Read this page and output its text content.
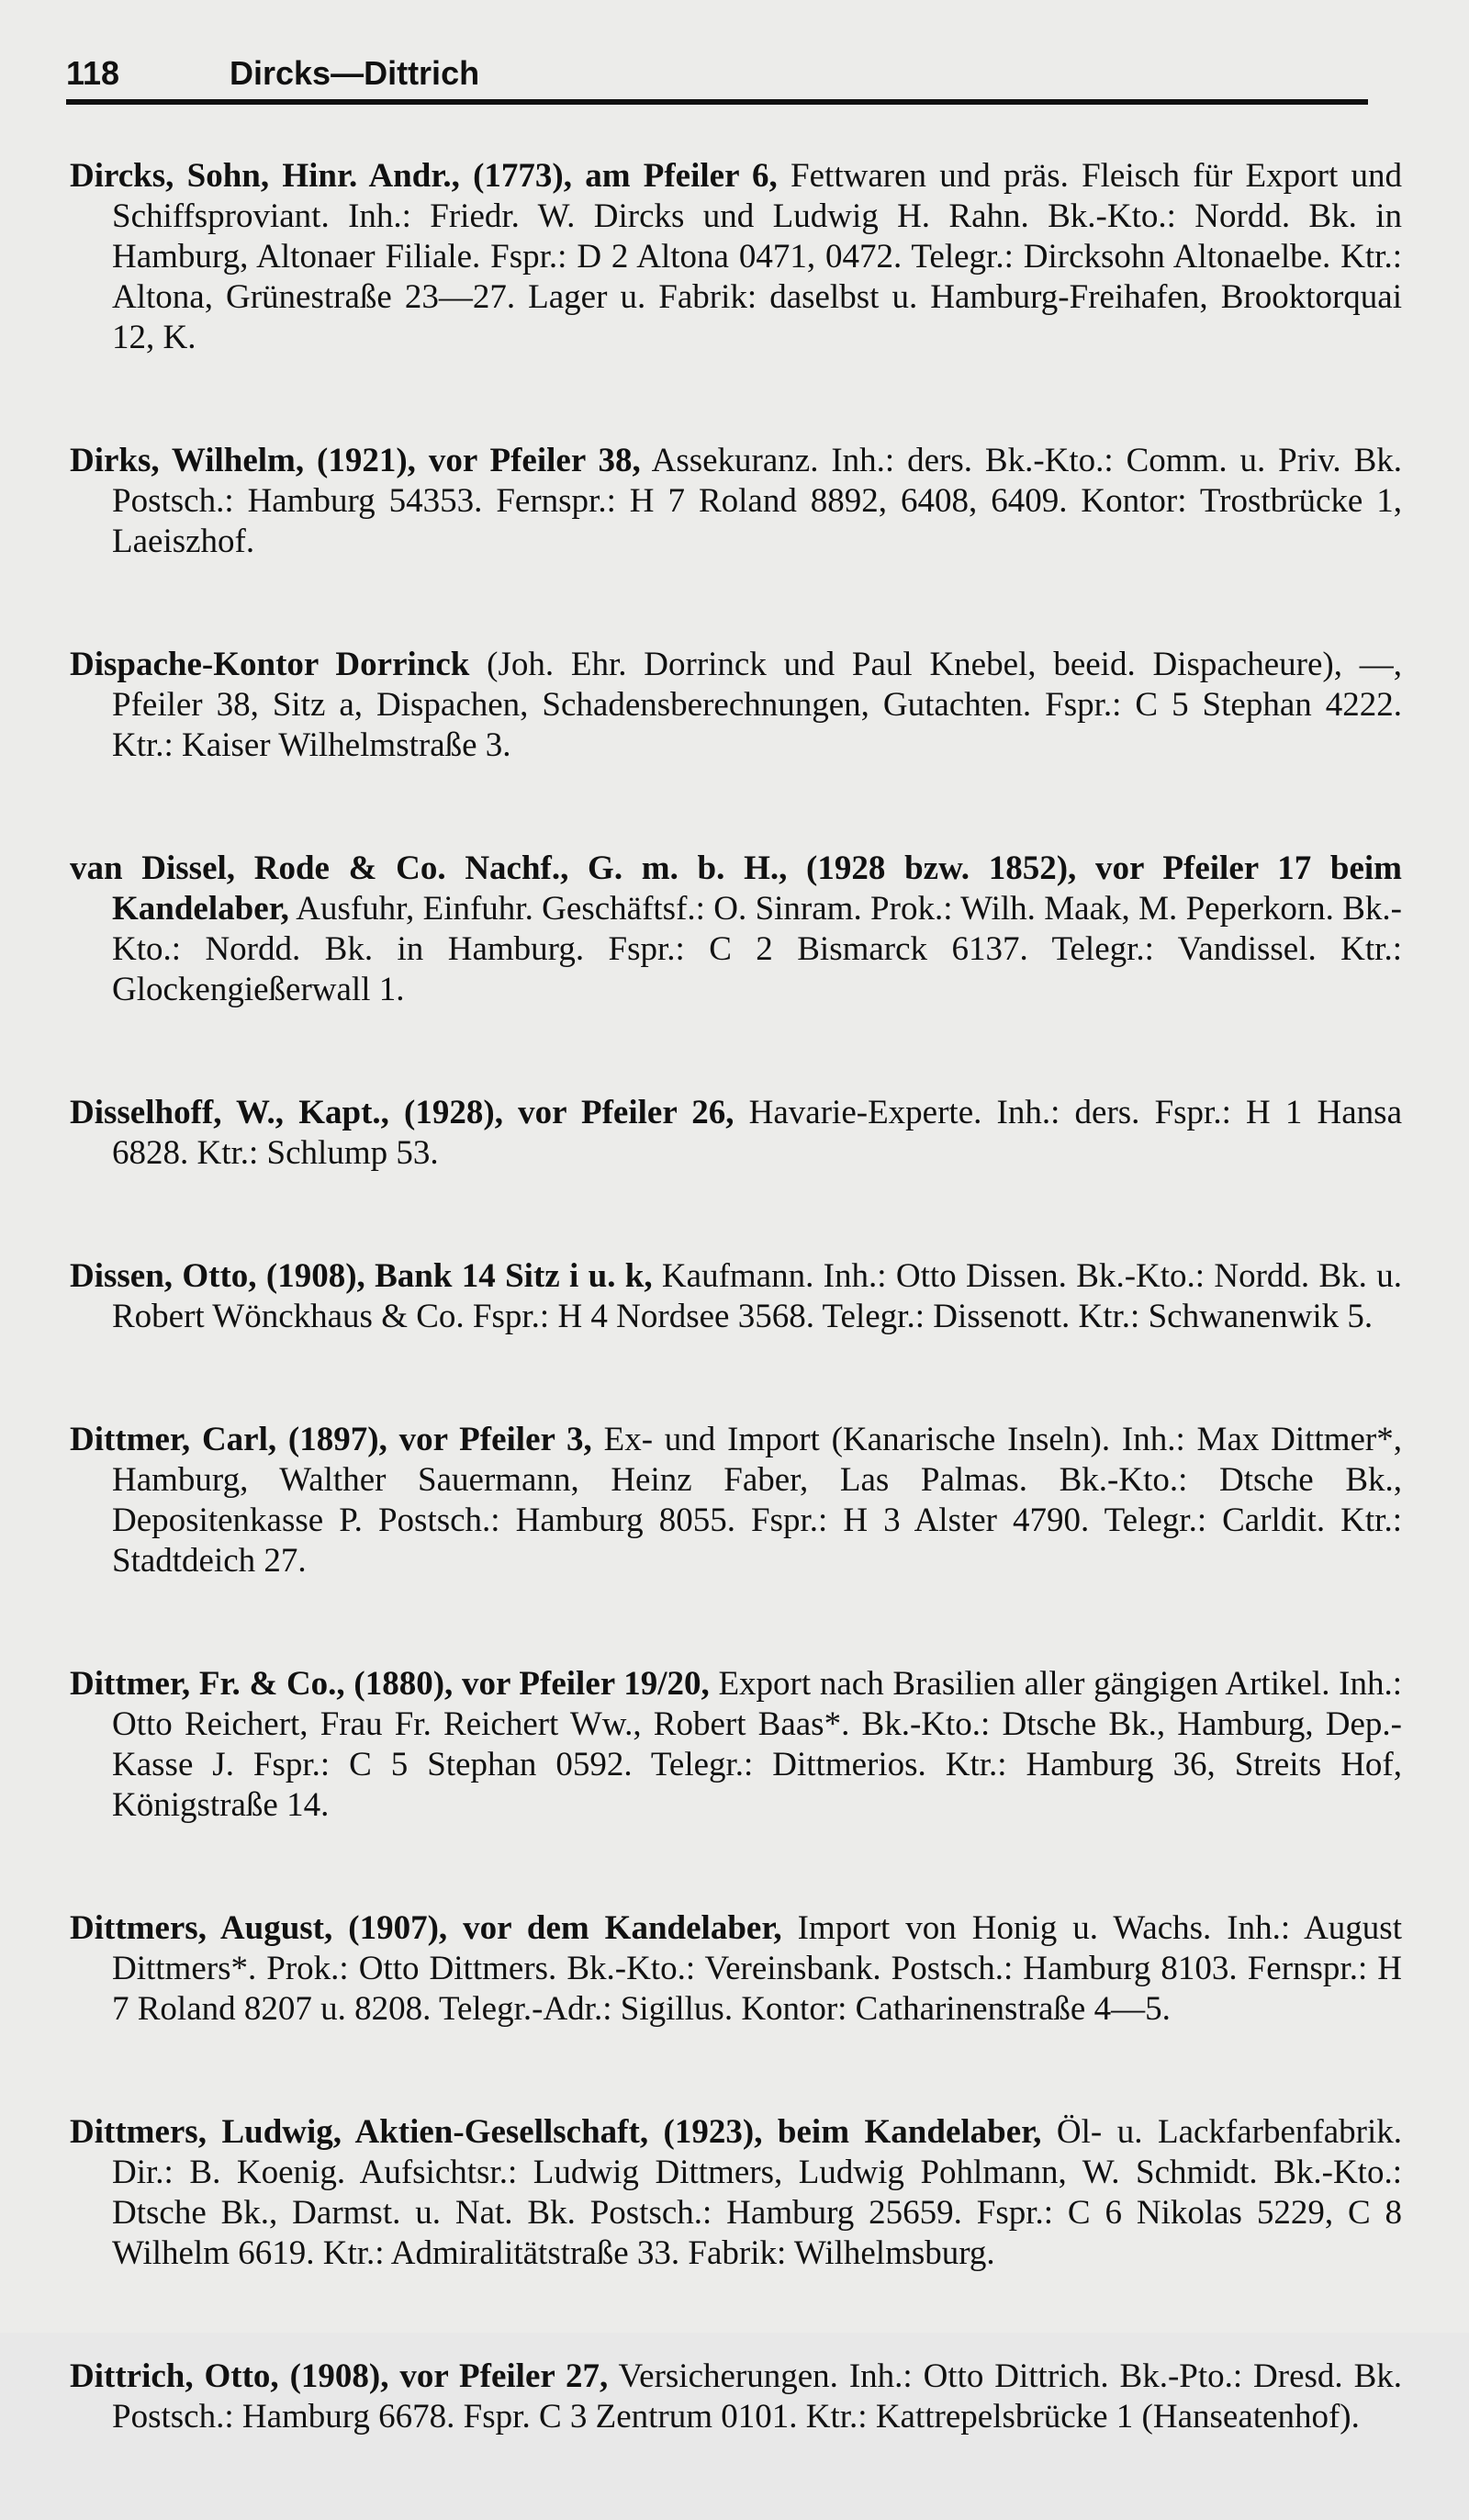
118	Dircks—Dittrich

Dircks, Sohn, Hinr. Andr., (1773), am Pfeiler 6, Fettwaren und präs. Fleisch für Export und Schiffsproviant. Inh.: Friedr. W. Dircks und Ludwig H. Rahn. Bk.-Kto.: Nordd. Bk. in Hamburg, Altonaer Filiale. Fspr.: D 2 Altona 0471, 0472. Telegr.: Dircksohn Altonaelbe. Ktr.: Altona, Grünestraße 23—27. Lager u. Fabrik: daselbst u. Hamburg-Freihafen, Brooktorquai 12, K.

Dirks, Wilhelm, (1921), vor Pfeiler 38, Assekuranz. Inh.: ders. Bk.-Kto.: Comm. u. Priv. Bk. Postsch.: Hamburg 54353. Fernspr.: H 7 Roland 8892, 6408, 6409. Kontor: Trostbrücke 1, Laeiszhof.

Dispache-Kontor Dorrinck (Joh. Ehr. Dorrinck und Paul Knebel, beeid. Dispacheure), —, Pfeiler 38, Sitz a, Dispachen, Schadensberechnungen, Gutachten. Fspr.: C 5 Stephan 4222. Ktr.: Kaiser Wilhelmstraße 3.

van Dissel, Rode & Co. Nachf., G. m. b. H., (1928 bzw. 1852), vor Pfeiler 17 beim Kandelaber, Ausfuhr, Einfuhr. Geschäftsf.: O. Sinram. Prok.: Wilh. Maak, M. Peperkorn. Bk.-Kto.: Nordd. Bk. in Hamburg. Fspr.: C 2 Bismarck 6137. Telegr.: Vandissel. Ktr.: Glockengießerwall 1.

Disselhoff, W., Kapt., (1928), vor Pfeiler 26, Havarie-Experte. Inh.: ders. Fspr.: H 1 Hansa 6828. Ktr.: Schlump 53.

Dissen, Otto, (1908), Bank 14 Sitz i u. k, Kaufmann. Inh.: Otto Dissen. Bk.-Kto.: Nordd. Bk. u. Robert Wönckhaus & Co. Fspr.: H 4 Nordsee 3568. Telegr.: Dissenott. Ktr.: Schwanenwik 5.

Dittmer, Carl, (1897), vor Pfeiler 3, Ex- und Import (Kanarische Inseln). Inh.: Max Dittmer*, Hamburg, Walther Sauermann, Heinz Faber, Las Palmas. Bk.-Kto.: Dtsche Bk., Depositenkasse P. Postsch.: Hamburg 8055. Fspr.: H 3 Alster 4790. Telegr.: Carldit. Ktr.: Stadtdeich 27.

Dittmer, Fr. & Co., (1880), vor Pfeiler 19/20, Export nach Brasilien aller gängigen Artikel. Inh.: Otto Reichert, Frau Fr. Reichert Ww., Robert Baas*. Bk.-Kto.: Dtsche Bk., Hamburg, Dep.-Kasse J. Fspr.: C 5 Stephan 0592. Telegr.: Dittmerios. Ktr.: Hamburg 36, Streits Hof, Königstraße 14.

Dittmers, August, (1907), vor dem Kandelaber, Import von Honig u. Wachs. Inh.: August Dittmers*. Prok.: Otto Dittmers. Bk.-Kto.: Vereinsbank. Postsch.: Hamburg 8103. Fernspr.: H 7 Roland 8207 u. 8208. Telegr.-Adr.: Sigillus. Kontor: Catharinenstraße 4—5.

Dittmers, Ludwig, Aktien-Gesellschaft, (1923), beim Kandelaber, Öl- u. Lackfarbenfabrik. Dir.: B. Koenig. Aufsichtsr.: Ludwig Dittmers, Ludwig Pohlmann, W. Schmidt. Bk.-Kto.: Dtsche Bk., Darmst. u. Nat. Bk. Postsch.: Hamburg 25659. Fspr.: C 6 Nikolas 5229, C 8 Wilhelm 6619. Ktr.: Admiralitätstraße 33. Fabrik: Wilhelmsburg.

Dittrich, Otto, (1908), vor Pfeiler 27, Versicherungen. Inh.: Otto Dittrich. Bk.-Pto.: Dresd. Bk. Postsch.: Hamburg 6678. Fspr. C 3 Zentrum 0101. Ktr.: Kattrepelsbrücke 1 (Hanseatenhof).
